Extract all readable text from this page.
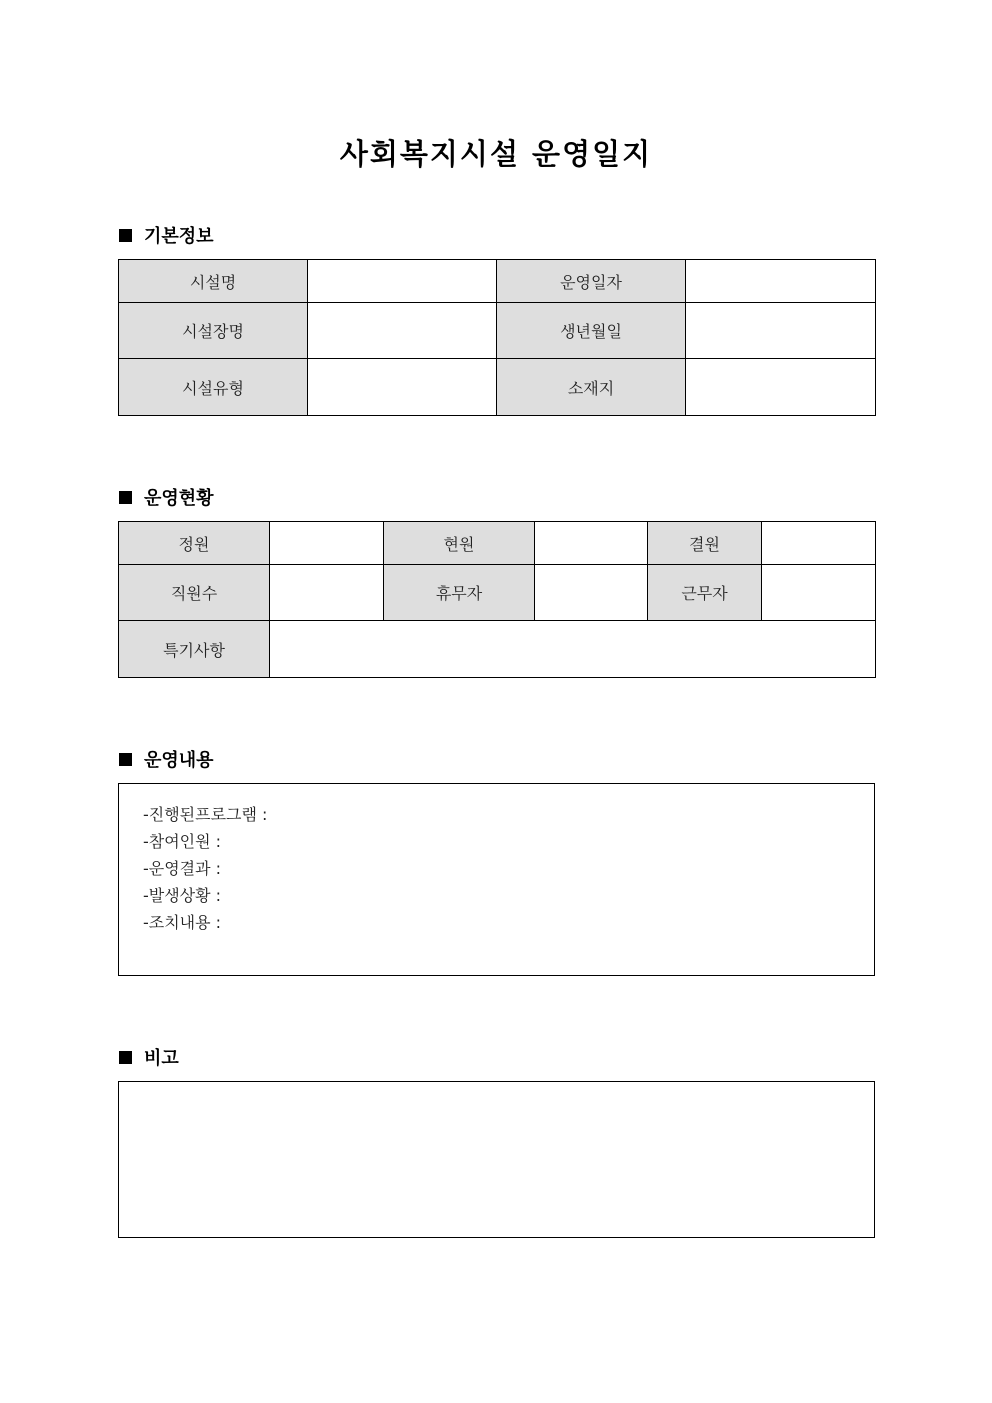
사회복지시설 운영일지
기본정보
시설명		운영일자	
시설장명		생년월일	
시설유형		소재지	
운영현황
정원		현원		결원	
직원수		휴무자		근무자	
특기사항					
운영내용
-진행된프로그램 :
-참여인원 :
-운영결과 :
-발생상황 :
-조치내용 :
비고
